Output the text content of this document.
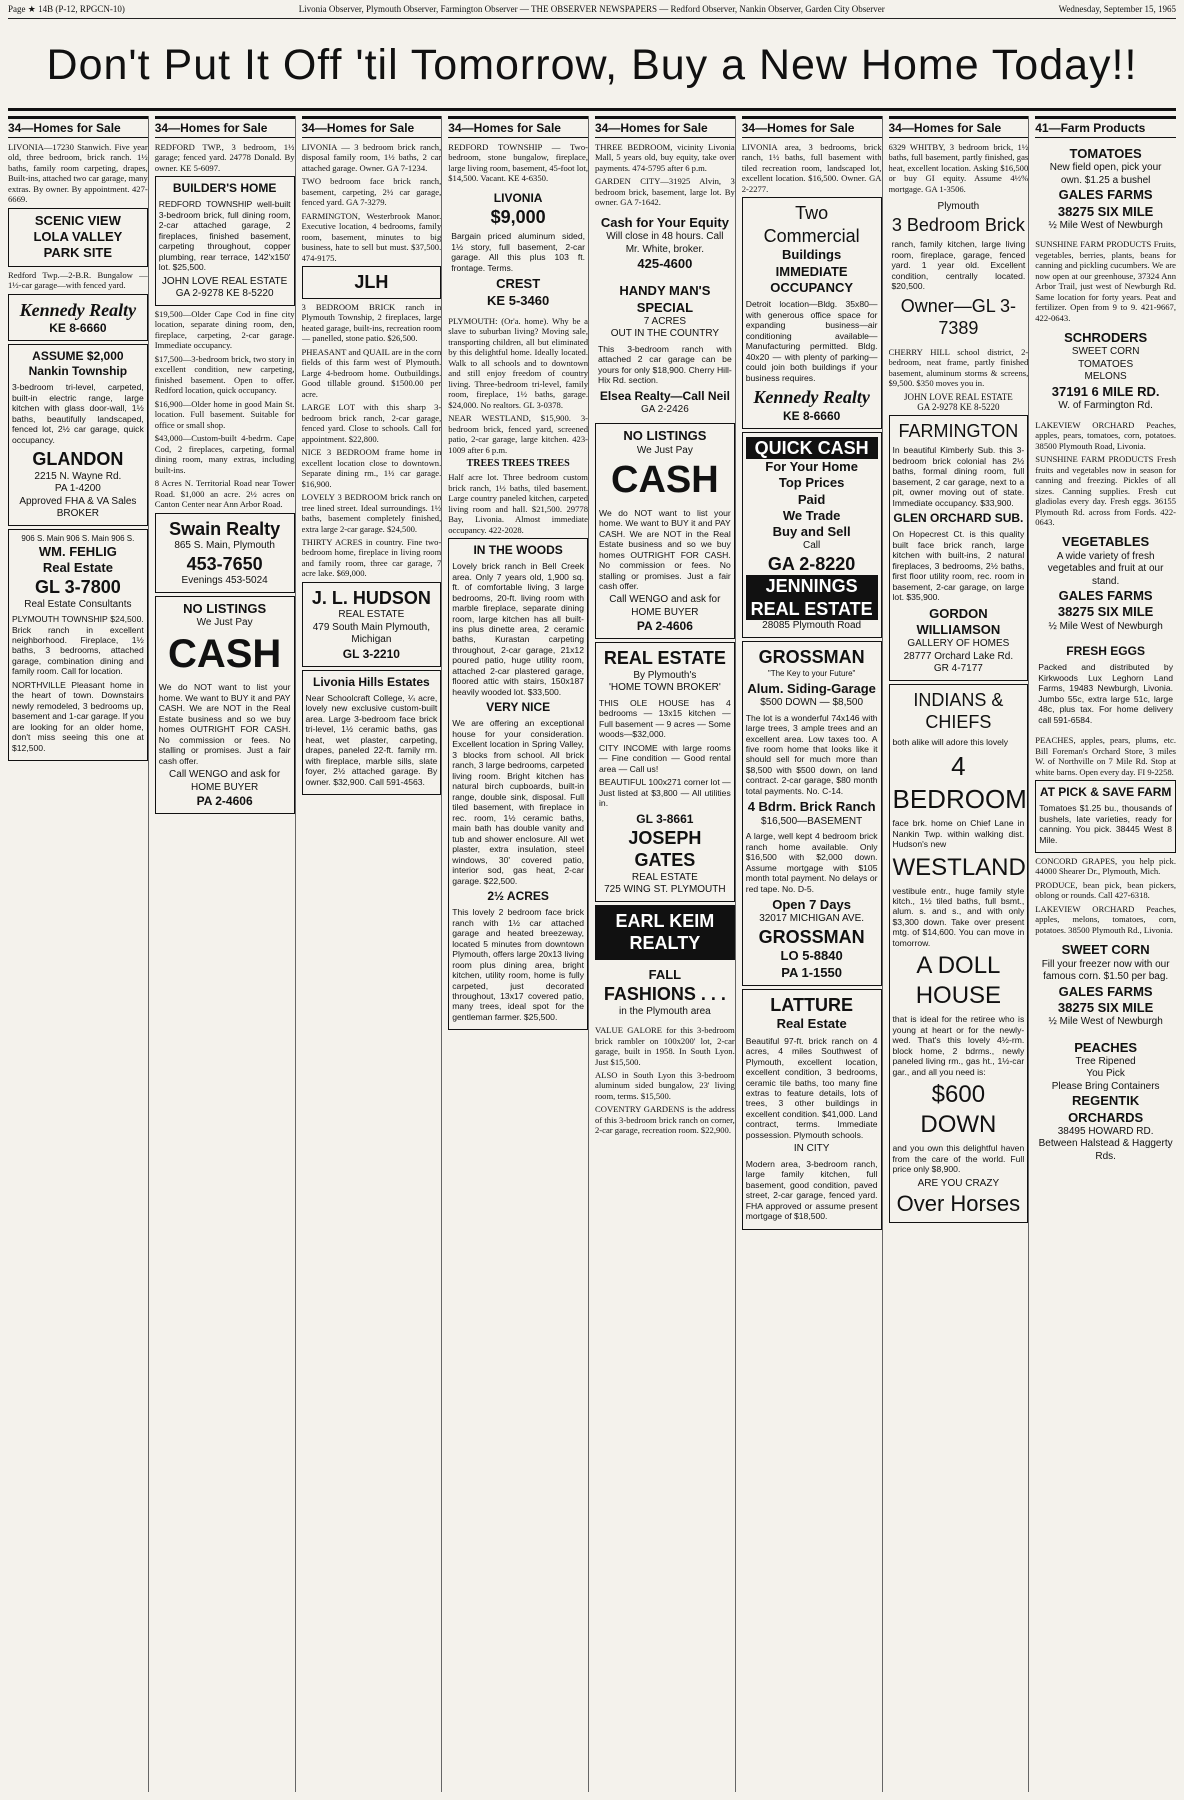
Page ★ 14B (P-12, RPGCN-10)	Livonia Observer, Plymouth Observer, Farmington Observer — THE OBSERVER NEWSPAPERS — Redford Observer, Nankin Observer, Garden City Observer	Wednesday, September 15, 1965
Don't Put It Off 'til Tomorrow, Buy a New Home Today!!
34—Homes for Sale
LIVONIA—17230 Stanwich. Five year old, three bedroom, brick ranch. 1½ baths, family room carpeting, drapes, Built-ins, attached two car garage, many extras. By owner. By appointment. 427-6669.
SCENIC VIEW
LOLA VALLEY
PARK SITE
Redford Twp.—2-B.R. Bungalow —1½-car garage—with fenced yard.
Kennedy Realty
KE 8-6660
ASSUME $2,000
Nankin Township
3-bedroom tri-level, carpeted, built-in electric range, large kitchen with glass door-wall, 1½ baths, beautifully landscaped, fenced lot, 2½ car garage, quick occupancy.
GLANDON
2215 N. Wayne Rd.
PA 1-4200
Approved FHA & VA Sales BROKER
906 S. Main 906 S. Main 906 S.
WM. FEHLIG
Real Estate
GL 3-7800
Real Estate Consultants
PLYMOUTH TOWNSHIP $24,500. Brick ranch in excellent neighborhood. Fireplace, 1½ baths, 3 bedrooms, attached garage, combination dining and family room. Call for location.
NORTHVILLE Pleasant home in the heart of town. Downstairs newly remodeled, 3 bedrooms up, basement and 1-car garage. If you are looking for an older home, don't miss seeing this one at $12,500.
34—Homes for Sale
REDFORD TWP., 3 bedroom, 1½ garage; fenced yard. 24778 Donald. By owner. KE 5-6097.
BUILDER'S HOME
REDFORD TOWNSHIP well-built 3-bedroom brick, full dining room, 2-car attached garage, 2 fireplaces, finished basement, carpeting throughout, copper plumbing, rear terrace, 142'x150' lot. $25,500.
JOHN LOVE REAL ESTATE
GA 2-9278 KE 8-5220
$19,500—Older Cape Cod in fine city location, separate dining room, den, fireplace, carpeting, 2-car garage. Immediate occupancy.
$17,500—3-bedroom brick, two story in excellent condition, new carpeting, finished basement. Open to offer. Redford location, quick occupancy.
$16,900—Older home in good Main St. location. Full basement. Suitable for office or small shop.
$43,000—Custom-built 4-bedrm. Cape Cod, 2 fireplaces, carpeting, formal dining room, many extras, including built-ins.
8 Acres N. Territorial Road near Tower Road. $1,000 an acre. 2½ acres on Canton Center near Ann Arbor Road.
Swain Realty
865 S. Main, Plymouth
453-7650
Evenings 453-5024
NO LISTINGS
We Just Pay
CASH
We do NOT want to list your home. We want to BUY it and PAY CASH. We are NOT in the Real Estate business and so we buy homes OUTRIGHT FOR CASH. No commission or fees. No stalling or promises. Just a fair cash offer.
Call WENGO and ask for HOME BUYER

PA 2-4606
34—Homes for Sale
LIVONIA — 3 bedroom brick ranch, disposal family room, 1½ baths, 2 car attached garage. Owner. GA 7-1234.
TWO bedroom face brick ranch, basement, carpeting, 2½ car garage, fenced yard. GA 7-3279.
FARMINGTON, Westerbrook Manor. Executive location, 4 bedrooms, family room, basement, minutes to big business, hate to sell but must. $37,500. 474-9175.
JLH
3 BEDROOM BRICK ranch in Plymouth Township, 2 fireplaces, large heated garage, built-ins, recreation room — panelled, stone patio. $26,500.
PHEASANT and QUAIL are in the corn fields of this farm west of Plymouth. Large 4-bedroom home. Outbuildings. Good tillable ground. $1500.00 per acre.
LARGE LOT with this sharp 3-bedroom brick ranch, 2-car garage, fenced yard. Close to schools. Call for appointment. $22,800.
NICE 3 BEDROOM frame home in excellent location close to downtown. Separate dining rm., 1½ car garage. $16,900.
LOVELY 3 BEDROOM brick ranch on tree lined street. Ideal surroundings. 1½ baths, basement completely finished, extra large 2-car garage. $24,500.
THIRTY ACRES in country. Fine two-bedroom home, fireplace in living room and family room, three car garage, 7 acre lake. $69,000.
J. L. HUDSON
REAL ESTATE
479 South Main Plymouth, Michigan
GL 3-2210
Livonia Hills Estates
Near Schoolcraft College, ¼ acre, lovely new exclusive custom-built area. Large 3-bedroom face brick tri-level, 1½ ceramic baths, gas heat, wet plaster, carpeting, drapes, paneled 22-ft. family rm. with fireplace, marble sills, slate foyer, 2½ attached garage. By owner. $32,900. Call 591-4563.
34—Homes for Sale
REDFORD TOWNSHIP — Two-bedroom, stone bungalow, fireplace, large living room, basement, 45-foot lot, $14,500. Vacant. KE 4-6350.
LIVONIA
$9,000
Bargain priced aluminum sided, 1½ story, full basement, 2-car garage. All this plus 103 ft. frontage. Terms.
CREST
KE 5-3460
PLYMOUTH: (Or'a. home). Why be a slave to suburban living? Moving sale, transporting children, all but eliminated by this delightful home. Ideally located. Walk to all schools and to downtown and still enjoy freedom of country living. Three-bedroom tri-level, family room, fireplace, 1½ baths, garage. $24,000. No realtors. GL 3-0378.
NEAR WESTLAND, $15,900. 3-bedroom brick, fenced yard, screened patio, 2-car garage, large kitchen. 423-1009 after 6 p.m.
TREES TREES TREES
Half acre lot. Three bedroom custom brick ranch, 1½ baths, tiled basement. Large country paneled kitchen, carpeted living room and hall. $21,500. 29778 Bay, Livonia. Almost immediate occupancy. 422-2028.
IN THE WOODS
Lovely brick ranch in Bell Creek area. Only 7 years old, 1,900 sq. ft. of comfortable living, 3 large bedrooms, 20-ft. living room with marble fireplace, separate dining room, large kitchen has all built-ins plus dinette area, 2 ceramic baths, Kurastan carpeting throughout, 2-car garage, 21x12 poured patio, huge utility room, attached 2-car plastered garage, floored attic with stairs, 150x187 heavily wooded lot. $33,500.
VERY NICE
We are offering an exceptional house for your consideration. Excellent location in Spring Valley, 3 blocks from school. All brick ranch, 3 large bedrooms, carpeted living room. Bright kitchen has natural birch cupboards, built-in range, double sink, disposal. Full tiled basement, with fireplace in rec. room, 1½ ceramic baths, main bath has double vanity and tub and shower enclosure. All wet plaster, extra insulation, steel windows, 30' covered patio, interior sod, gas heat, 2-car garage. $22,500.
2½ ACRES
This lovely 2 bedroom face brick ranch with 1½ car attached garage and heated breezeway, located 5 minutes from downtown Plymouth, offers large 20x13 living room plus dining area, bright kitchen, utility room, home is fully carpeted, just decorated throughout, 13x17 covered patio, many trees, ideal spot for the gentleman farmer. $25,500.
34—Homes for Sale
THREE BEDROOM, vicinity Livonia Mall, 5 years old, buy equity, take over payments. 474-5795 after 6 p.m.
GARDEN CITY—31925 Alvin, 3 bedroom brick, basement, large lot. By owner. GA 7-1642.
Cash for Your Equity
Will close in 48 hours. Call Mr. White, broker.
425-4600
HANDY MAN'S
SPECIAL
7 ACRES
OUT IN THE COUNTRY
This 3-bedroom ranch with attached 2 car garage can be yours for only $18,900. Cherry Hill-Hix Rd. section.
Elsea Realty—Call Neil
GA 2-2426
NO LISTINGS
We Just Pay
CASH
We do NOT want to list your home. We want to BUY it and PAY CASH. We are NOT in the Real Estate business and so we buy homes OUTRIGHT FOR CASH. No commission or fees. No stalling or promises. Just a fair cash offer.
Call WENGO and ask for HOME BUYER

PA 2-4606
REAL ESTATE
By Plymouth's
'HOME TOWN BROKER'
THIS OLE HOUSE has 4 bedrooms — 13x15 kitchen — Full basement — 9 acres — Some woods—$32,000.
CITY INCOME with large rooms — Fine condition — Good rental area — Call us!
BEAUTIFUL 100x271 corner lot — Just listed at $3,800 — All utilities in.
GL 3-8661
JOSEPH GATES
REAL ESTATE
725 WING ST. PLYMOUTH
EARL KEIM
REALTY
FALL
FASHIONS . . .
in the Plymouth area
VALUE GALORE for this 3-bedroom brick rambler on 100x200' lot, 2-car garage, built in 1958. In South Lyon. Just $15,500.
ALSO in South Lyon this 3-bedroom aluminum sided bungalow, 23' living room, terms. $15,500.
COVENTRY GARDENS is the address of this 3-bedroom brick ranch on corner, 2-car garage, recreation room. $22,900.
34—Homes for Sale
LIVONIA area, 3 bedrooms, brick ranch, 1½ baths, full basement with tiled recreation room, landscaped lot, excellent location. $16,500. Owner. GA 2-2277.
Two Commercial
Buildings
IMMEDIATE
OCCUPANCY
Detroit location—Bldg. 35x80—with generous office space for expanding business—air conditioning available—Manufacturing permitted. Bldg. 40x20 — with plenty of parking—could join both buildings if your business requires.
Kennedy Realty
KE 8-6660
QUICK CASH
For Your Home
Top Prices
Paid
We Trade
Buy and Sell
Call
GA 2-8220
JENNINGS
REAL ESTATE
28085 Plymouth Road
GROSSMAN
"The Key to your Future"
Alum. Siding-Garage
$500 DOWN — $8,500
The lot is a wonderful 74x146 with large trees, 3 ample trees and an excellent area. Low taxes too. A five room home that looks like it should sell for much more than $8,500 with $500 down, on land contract. 2-car garage, $80 month total payments. No. C-14.
4 Bdrm. Brick Ranch
$16,500—BASEMENT
A large, well kept 4 bedroom brick ranch home available. Only $16,500 with $2,000 down. Assume mortgage with $105 month total payment. No delays or red tape. No. D-5.
Open 7 Days
32017 MICHIGAN AVE.
GROSSMAN
LO 5-8840
PA 1-1550
LATTURE
Real Estate
Beautiful 97-ft. brick ranch on 4 acres, 4 miles Southwest of Plymouth, excellent location, excellent condition, 3 bedrooms, ceramic tile baths, too many fine extras to feature details, lots of trees, 3 other buildings in excellent condition. $41,000. Land contract, terms. Immediate possession. Plymouth schools.
IN CITY
Modern area, 3-bedroom ranch, large family kitchen, full basement, good condition, paved street, 2-car garage, fenced yard. FHA approved or assume present mortgage of $18,500.
34—Homes for Sale
6329 WHITBY, 3 bedroom brick, 1½ baths, full basement, partly finished, gas heat, excellent location. Asking $16,500 or buy GI equity. Assume 4½% mortgage. GA 1-3506.
Plymouth
3 Bedroom Brick
ranch, family kitchen, large living room, fireplace, garage, fenced yard. 1 year old. Excellent condition, centrally located. $20,500.
Owner—GL 3-7389
CHERRY HILL school district, 2-bedroom, neat frame, partly finished basement, aluminum storms & screens, $9,500. $350 moves you in.
JOHN LOVE REAL ESTATE
GA 2-9278 KE 8-5220
FARMINGTON
In beautiful Kimberly Sub. this 3-bedroom brick colonial has 2½ baths, formal dining room, full basement, 2 car garage, next to a pit, owner moving out of state. Immediate occupancy. $33,900.
GLEN ORCHARD SUB.
On Hopecrest Ct. is this quality built face brick ranch, large kitchen with built-ins, 2 natural fireplaces, 3 bedrooms, 2½ baths, first floor utility room, rec. room in basement, 2-car garage, on large lot. $35,900.
GORDON
WILLIAMSON
GALLERY OF HOMES
28777 Orchard Lake Rd.
GR 4-7177
INDIANS & CHIEFS
both alike will adore this lovely
4 BEDROOM
face brk. home on Chief Lane in Nankin Twp. within walking dist. Hudson's new
WESTLAND
vestibule entr., huge family style kitch., 1½ tiled baths, full bsmt., alum. s. and s., and with only $3,300 down. Take over present mtg. of $14,600. You can move in tomorrow.
A DOLL
HOUSE
that is ideal for the retiree who is young at heart or for the newly-wed. That's this lovely 4½-rm. block home, 2 bdrms., newly paneled living rm., gas ht., 1½-car gar., and all you need is:
$600 DOWN
and you own this delightful haven from the care of the world. Full price only $8,900.
ARE YOU CRAZY
Over Horses
41—Farm Products
TOMATOES
New field open, pick your own. $1.25 a bushel
GALES FARMS
38275 SIX MILE
½ Mile West of Newburgh
SUNSHINE FARM PRODUCTS Fruits, vegetables, berries, plants, beans for canning and pickling cucumbers. We are now open at our greenhouse, 37324 Ann Arbor Trail, just west of Newburgh Rd. Same location for forty years. Peat and fertilizer. Open from 9 to 9. 421-9667, 422-0643.
SCHRODERS
SWEET CORN
TOMATOES
MELONS
37191 6 MILE RD.
W. of Farmington Rd.
LAKEVIEW ORCHARD Peaches, apples, pears, tomatoes, corn, potatoes. 38500 Plymouth Road, Livonia.
SUNSHINE FARM PRODUCTS Fresh fruits and vegetables now in season for canning and freezing. Pickles of all sizes. Canning supplies. Fresh cut gladiolas every day. Fresh eggs. 36155 Plymouth Rd. across from Fords. 422-0643.
VEGETABLES
A wide variety of fresh vegetables and fruit at our stand.
GALES FARMS
38275 SIX MILE
½ Mile West of Newburgh
FRESH EGGS
Packed and distributed by Kirkwoods Lux Leghorn Land Farms, 19483 Newburgh, Livonia. Jumbo 55c, extra large 51c, large 48c, plus tax. For home delivery call 591-6584.
PEACHES, apples, pears, plums, etc. Bill Foreman's Orchard Store, 3 miles W. of Northville on 7 Mile Rd. Stop at white barns. Open every day. FI 9-2258.
AT PICK & SAVE FARM
Tomatoes $1.25 bu., thousands of bushels, late varieties, ready for canning. You pick. 38445 West 8 Mile.
CONCORD GRAPES, you help pick. 44000 Shearer Dr., Plymouth, Mich.
PRODUCE, bean pick, bean pickers, oblong or rounds. Call 427-6318.
LAKEVIEW ORCHARD Peaches, apples, melons, tomatoes, corn, potatoes. 38500 Plymouth Rd., Livonia.
SWEET CORN
Fill your freezer now with our famous corn. $1.50 per bag.
GALES FARMS
38275 SIX MILE
½ Mile West of Newburgh
PEACHES
Tree Ripened
You Pick
Please Bring Containers
REGENTIK ORCHARDS
38495 HOWARD RD.
Between Halstead & Haggerty Rds.
